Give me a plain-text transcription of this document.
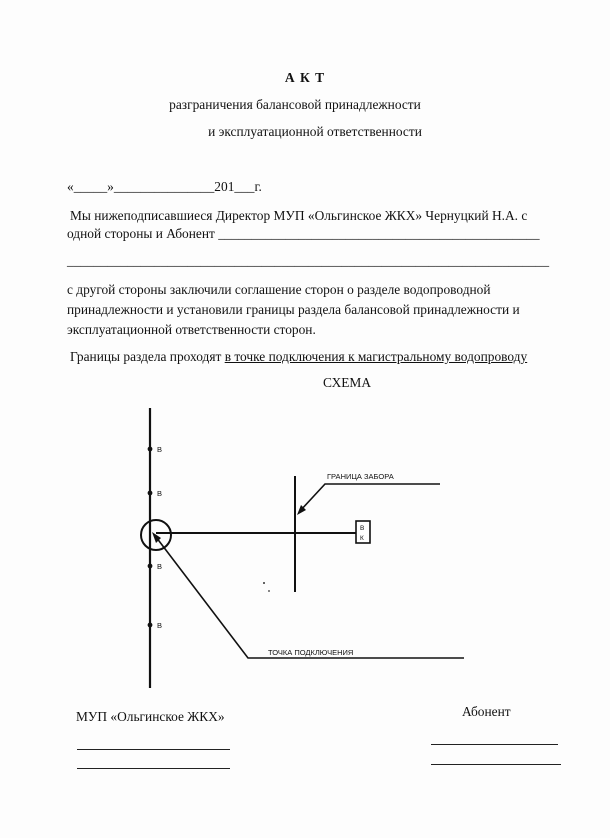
А К Т
разграничения балансовой принадлежности
и эксплуатационной ответственности
«_____»_______________201___г.
Мы нижеподписавшиеся Директор МУП «Ольгинское ЖКХ» Чернуцкий Н.А. с
одной стороны и Абонент ________________________________________________
________________________________________________________________________
с другой стороны заключили соглашение сторон о разделе водопроводной
принадлежности и установили границы раздела балансовой принадлежности и
эксплуатационной ответственности сторон.
Границы раздела проходят в точке подключения к магистральному водопроводу
СХЕМА
В
В
В
В
В
К
ГРАНИЦА ЗАБОРА
ТОЧКА ПОДКЛЮЧЕНИЯ
МУП «Ольгинское ЖКХ»	Абонент
